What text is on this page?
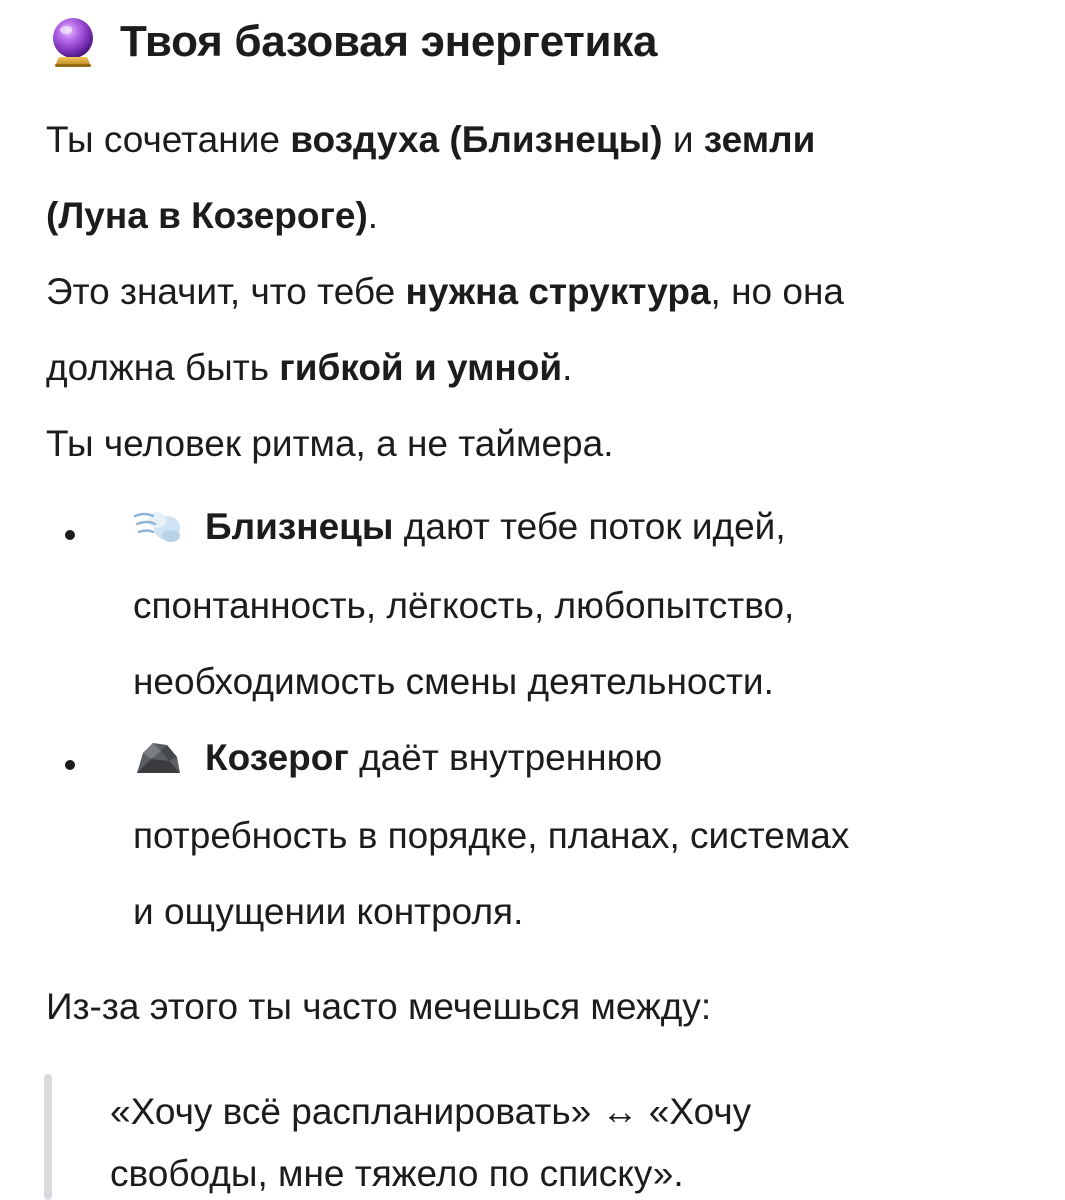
Твоя базовая энергетика
Ты сочетание воздуха (Близнецы) и земли
(Луна в Козероге).
Это значит, что тебе нужна структура, но она
должна быть гибкой и умной.
Ты человек ритма, а не таймера.
Близнецы дают тебе поток идей,
спонтанность, лёгкость, любопытство,
необходимость смены деятельности.
Козерог даёт внутреннюю
потребность в порядке, планах, системах
и ощущении контроля.
Из-за этого ты часто мечешься между:
«Хочу всё распланировать» ↔ «Хочу
свободы, мне тяжело по списку».
